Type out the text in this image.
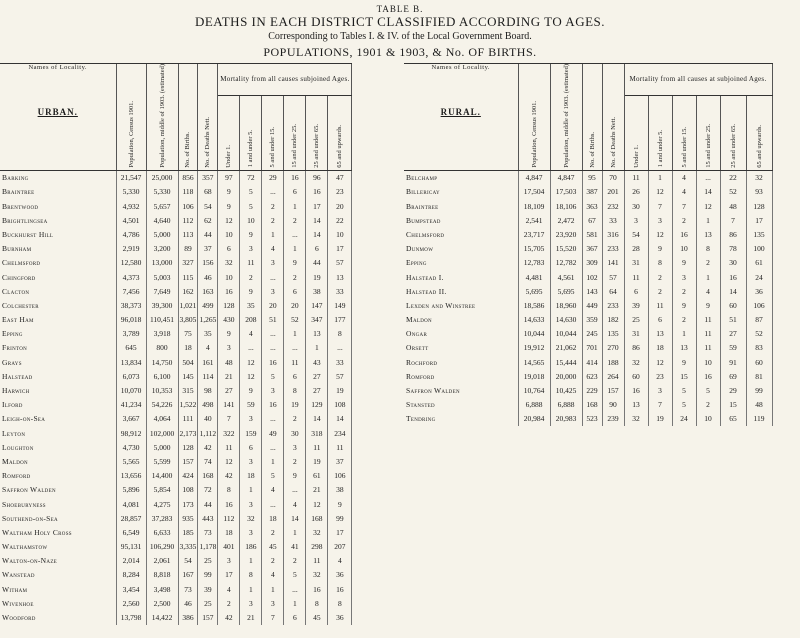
TABLE B.
DEATHS IN EACH DISTRICT CLASSIFIED ACCORDING TO AGES.
Corresponding to Tables I. & IV. of the Local Government Board.
POPULATIONS, 1901 & 1903, & No. OF BIRTHS.
Names of Locality.
URBAN.	Population, Census 1901.	Population, middle of 1903. (estimated)	No. of Births.	No. of Deaths Nett.	Mortality from all causes subjoined Ages.					
					Under 1.	1 and under 5.	5 and under 15.	15 and under 25.	25 and under 65.	65 and upwards.
Barking	21,547	25,000	856	357	97	72	29	16	96	47
Braintree	5,330	5,330	118	68	9	5	...	6	16	23
Brentwood	4,932	5,657	106	54	9	5	2	1	17	20
Brightlingsea	4,501	4,640	112	62	12	10	2	2	14	22
Buckhurst Hill	4,786	5,000	113	44	10	9	1	...	14	10
Burnham	2,919	3,200	89	37	6	3	4	1	6	17
Chelmsford	12,580	13,000	327	156	32	11	3	9	44	57
Chingford	4,373	5,003	115	46	10	2	...	2	19	13
Clacton	7,456	7,649	162	163	16	9	3	6	38	33
Colchester	38,373	39,300	1,021	499	128	35	20	20	147	149
East Ham	96,018	110,451	3,805	1,265	430	208	51	52	347	177
Epping	3,789	3,918	75	35	9	4	...	1	13	8
Frinton	645	800	18	4	3	...	...	...	1	...
Grays	13,834	14,750	504	161	48	12	16	11	43	33
Halstead	6,073	6,100	145	114	21	12	5	6	27	57
Harwich	10,070	10,353	315	98	27	9	3	8	27	19
Ilford	41,234	54,226	1,522	498	141	59	16	19	129	108
Leigh-on-Sea	3,667	4,064	111	40	7	3	...	2	14	14
Leyton	98,912	102,000	2,173	1,112	322	159	49	30	318	234
Loughton	4,730	5,000	128	42	11	6	...	3	11	11
Maldon	5,565	5,599	157	74	12	3	1	2	19	37
Romford	13,656	14,400	424	168	42	18	5	9	61	106
Saffron Walden	5,896	5,854	108	72	8	1	4	...	21	38
Shoeburyness	4,081	4,275	173	44	16	3	...	4	12	9
Southend-on-Sea	28,857	37,283	935	443	112	32	18	14	168	99
Waltham Holy Cross	6,549	6,633	185	73	18	3	2	1	32	17
Walthamstow	95,131	106,290	3,335	1,178	401	186	45	41	298	207
Walton-on-Naze	2,014	2,061	54	25	3	1	2	2	11	4
Wanstead	8,284	8,818	167	99	17	8	4	5	32	36
Witham	3,454	3,498	73	39	4	1	1	...	16	16
Wivenhoe	2,560	2,500	46	25	2	3	3	1	8	8
Woodford	13,798	14,422	386	157	42	21	7	6	45	36
Names of Locality.
RURAL.	Population, Census 1901.	Population, middle of 1903. (estimated)	No. of Births.	No. of Deaths Nett.	Mortality from all causes at subjoined Ages.					
					Under 1.	1 and under 5.	5 and under 15.	15 and under 25.	25 and under 65.	65 and upwards.
Belchamp	4,847	4,847	95	70	11	1	4	...	22	32
Billericay	17,504	17,503	387	201	26	12	4	14	52	93
Braintree	18,109	18,106	363	232	30	7	7	12	48	128
Bumpstead	2,541	2,472	67	33	3	3	2	1	7	17
Chelmsford	23,717	23,920	581	316	54	12	16	13	86	135
Dunmow	15,705	15,520	367	233	28	9	10	8	78	100
Epping	12,783	12,782	309	141	31	8	9	2	30	61
Halstead I.	4,481	4,561	102	57	11	2	3	1	16	24
Halstead II.	5,695	5,695	143	64	6	2	2	4	14	36
Lexden and Winstree	18,586	18,960	449	233	39	11	9	9	60	106
Maldon	14,633	14,630	359	182	25	6	2	11	51	87
Ongar	10,044	10,044	245	135	31	13	1	11	27	52
Orsett	19,912	21,062	701	270	86	18	13	11	59	83
Rochford	14,565	15,444	414	188	32	12	9	10	91	60
Romford	19,018	20,000	623	264	60	23	15	16	69	81
Saffron Walden	10,764	10,425	229	157	16	3	5	5	29	99
Stansted	6,888	6,888	168	90	13	7	5	2	15	48
Tendring	20,984	20,983	523	239	32	19	24	10	65	119
